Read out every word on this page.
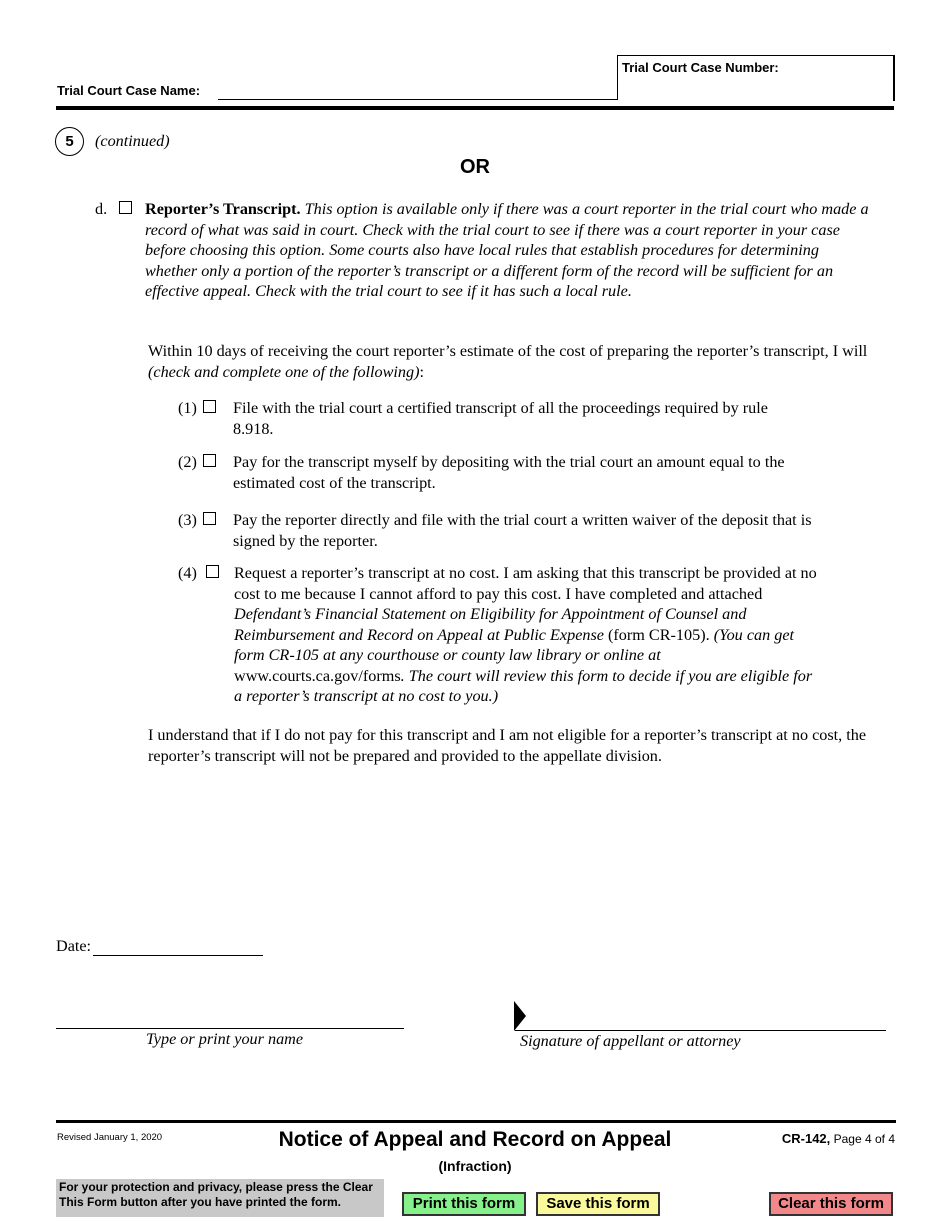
Trial Court Case Name:
Trial Court Case Number:
5	(continued)
OR
d. Reporter’s Transcript. This option is available only if there was a court reporter in the trial court who made a record of what was said in court. Check with the trial court to see if there was a court reporter in your case before choosing this option. Some courts also have local rules that establish procedures for determining whether only a portion of the reporter’s transcript or a different form of the record will be sufficient for an effective appeal. Check with the trial court to see if it has such a local rule.
Within 10 days of receiving the court reporter’s estimate of the cost of preparing the reporter’s transcript, I will (check and complete one of the following):
(1) File with the trial court a certified transcript of all the proceedings required by rule 8.918.
(2) Pay for the transcript myself by depositing with the trial court an amount equal to the estimated cost of the transcript.
(3) Pay the reporter directly and file with the trial court a written waiver of the deposit that is signed by the reporter.
(4) Request a reporter’s transcript at no cost. I am asking that this transcript be provided at no cost to me because I cannot afford to pay this cost. I have completed and attached Defendant’s Financial Statement on Eligibility for Appointment of Counsel and Reimbursement and Record on Appeal at Public Expense (form CR-105). (You can get form CR-105 at any courthouse or county law library or online at www.courts.ca.gov/forms. The court will review this form to decide if you are eligible for a reporter’s transcript at no cost to you.)
I understand that if I do not pay for this transcript and I am not eligible for a reporter’s transcript at no cost, the reporter’s transcript will not be prepared and provided to the appellate division.
Date:
Type or print your name	Signature of appellant or attorney
Revised January 1, 2020	Notice of Appeal and Record on Appeal
(Infraction)
CR-142, Page 4 of 4
For your protection and privacy, please press the Clear This Form button after you have printed the form.	Print this form	Save this form	Clear this form
